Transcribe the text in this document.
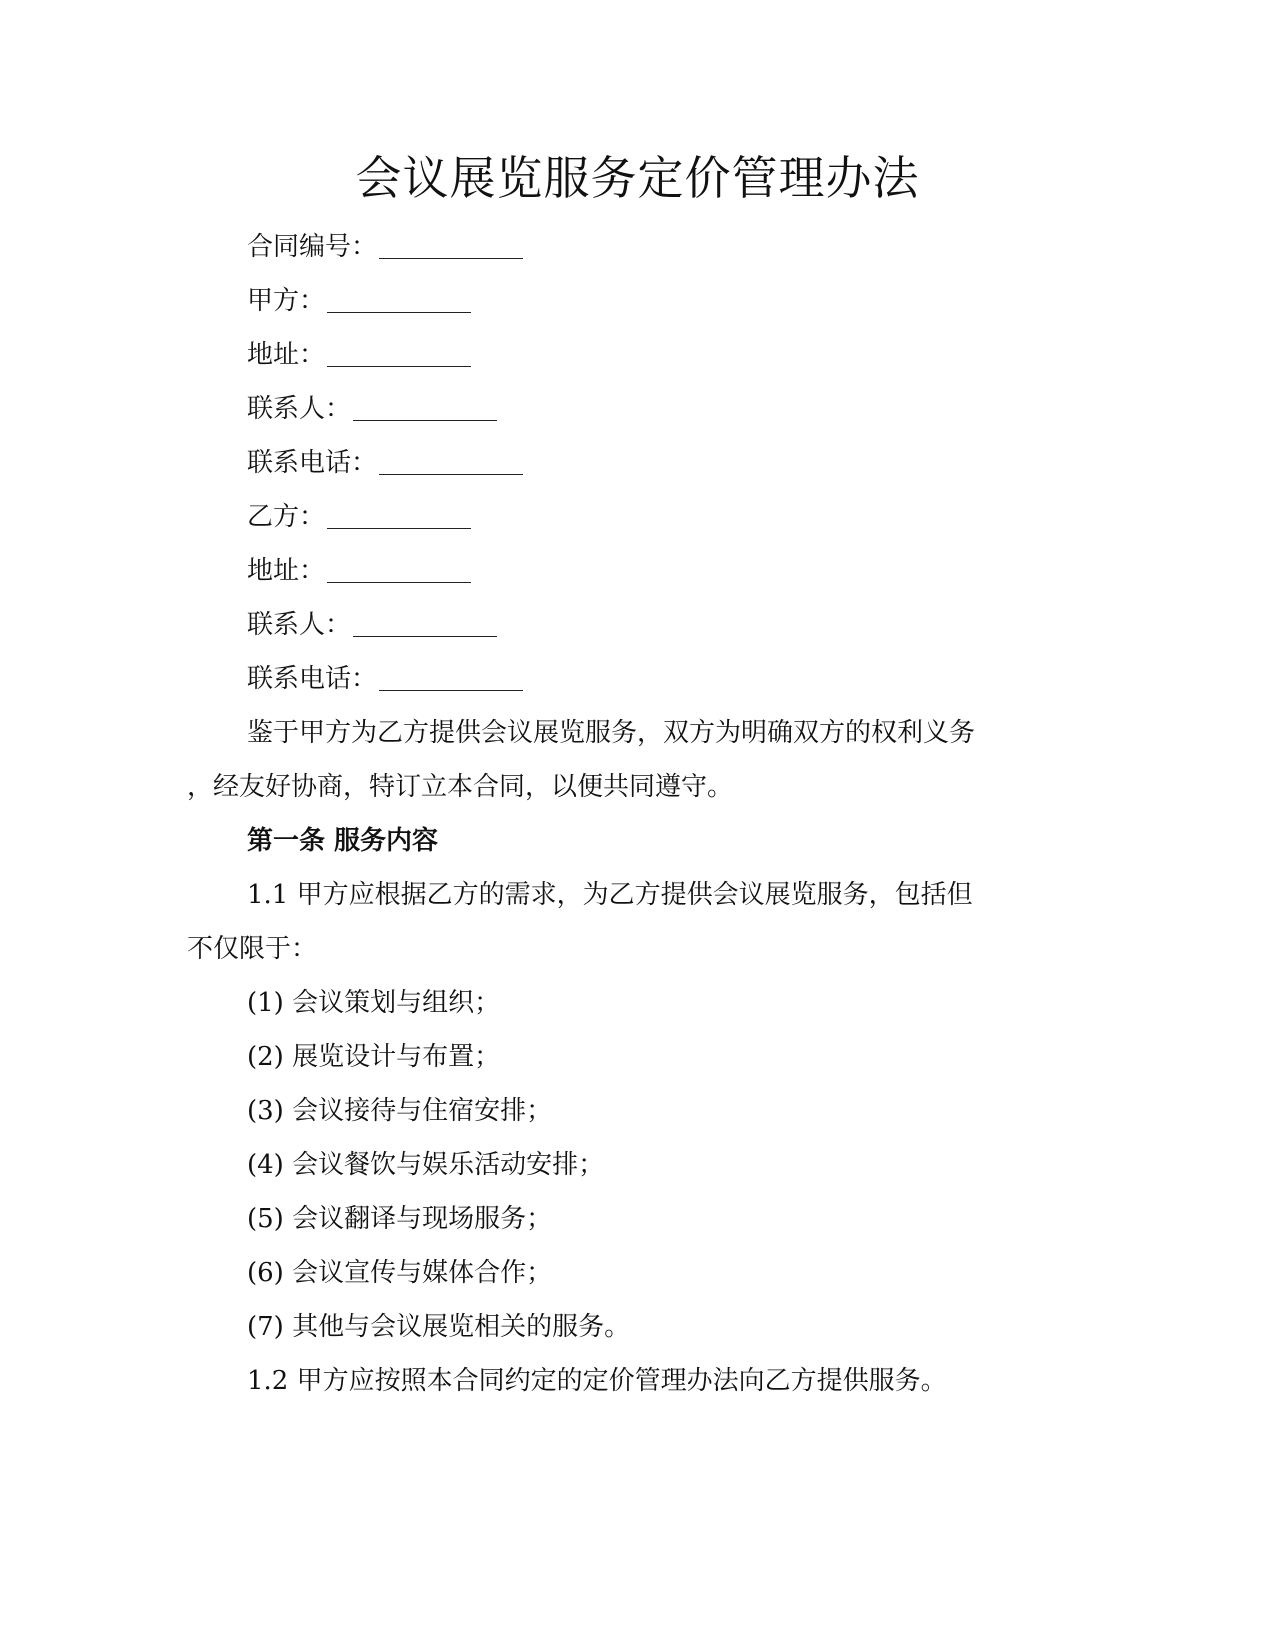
会议展览服务定价管理办法
合同编号：
甲方：
地址：
联系人：
联系电话：
乙方：
地址：
联系人：
联系电话：
鉴于甲方为乙方提供会议展览服务，双方为明确双方的权利义务
，经友好协商，特订立本合同，以便共同遵守。
第一条 服务内容
1.1 甲方应根据乙方的需求，为乙方提供会议展览服务，包括但
不仅限于：
(1) 会议策划与组织；
(2) 展览设计与布置；
(3) 会议接待与住宿安排；
(4) 会议餐饮与娱乐活动安排；
(5) 会议翻译与现场服务；
(6) 会议宣传与媒体合作；
(7) 其他与会议展览相关的服务。
1.2 甲方应按照本合同约定的定价管理办法向乙方提供服务。
